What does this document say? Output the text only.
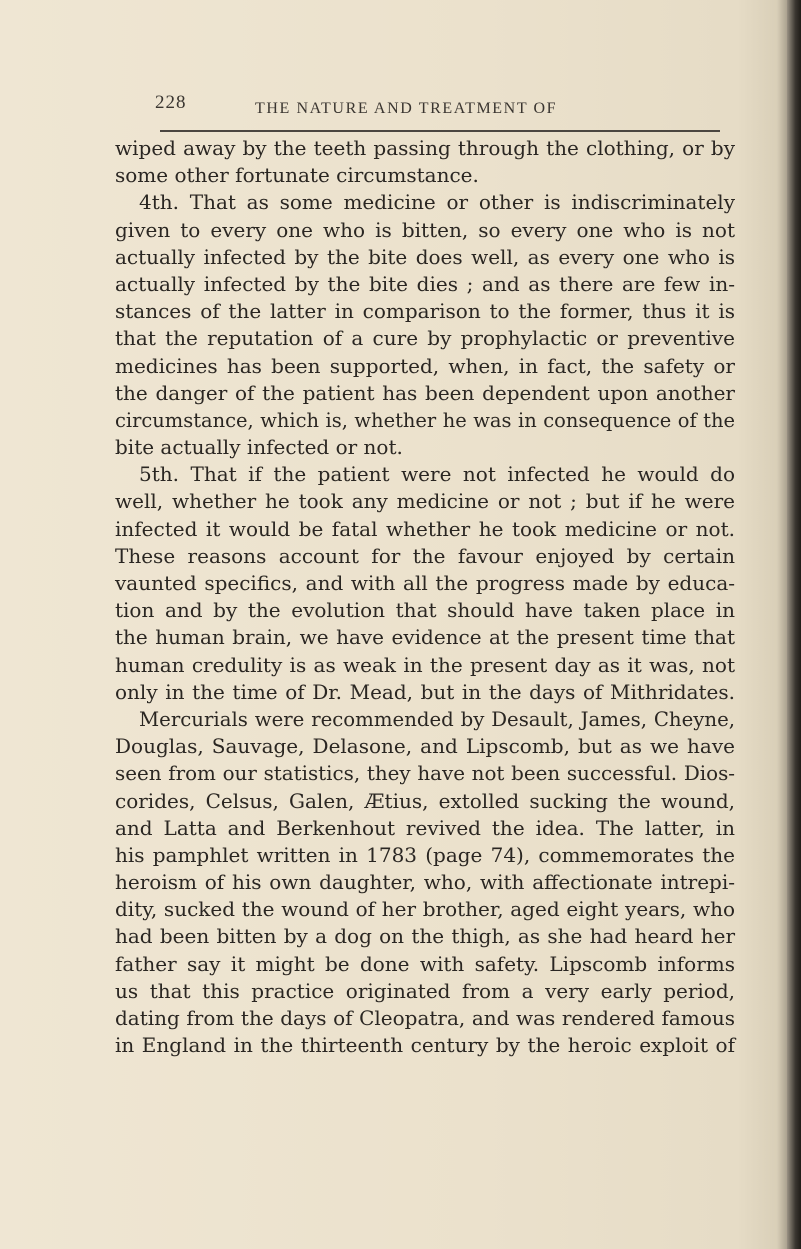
228	THE NATURE AND TREATMENT OF
wiped away by the teeth passing through the clothing, or by
some other fortunate circumstance.
4th. That as some medicine or other is indiscriminately
given to every one who is bitten, so every one who is not
actually infected by the bite does well, as every one who is
actually infected by the bite dies ; and as there are few in-
stances of the latter in comparison to the former, thus it is
that the reputation of a cure by prophylactic or preventive
medicines has been supported, when, in fact, the safety or
the danger of the patient has been dependent upon another
circumstance, which is, whether he was in consequence of the
bite actually infected or not.
5th. That if the patient were not infected he would do
well, whether he took any medicine or not ; but if he were
infected it would be fatal whether he took medicine or not.
These reasons account for the favour enjoyed by certain
vaunted specifics, and with all the progress made by educa-
tion and by the evolution that should have taken place in
the human brain, we have evidence at the present time that
human credulity is as weak in the present day as it was, not
only in the time of Dr. Mead, but in the days of Mithridates.
Mercurials were recommended by Desault, James, Cheyne,
Douglas, Sauvage, Delasone, and Lipscomb, but as we have
seen from our statistics, they have not been successful. Dios-
corides, Celsus, Galen, Ætius, extolled sucking the wound,
and Latta and Berkenhout revived the idea. The latter, in
his pamphlet written in 1783 (page 74), commemorates the
heroism of his own daughter, who, with affectionate intrepi-
dity, sucked the wound of her brother, aged eight years, who
had been bitten by a dog on the thigh, as she had heard her
father say it might be done with safety. Lipscomb informs
us that this practice originated from a very early period,
dating from the days of Cleopatra, and was rendered famous
in England in the thirteenth century by the heroic exploit of
